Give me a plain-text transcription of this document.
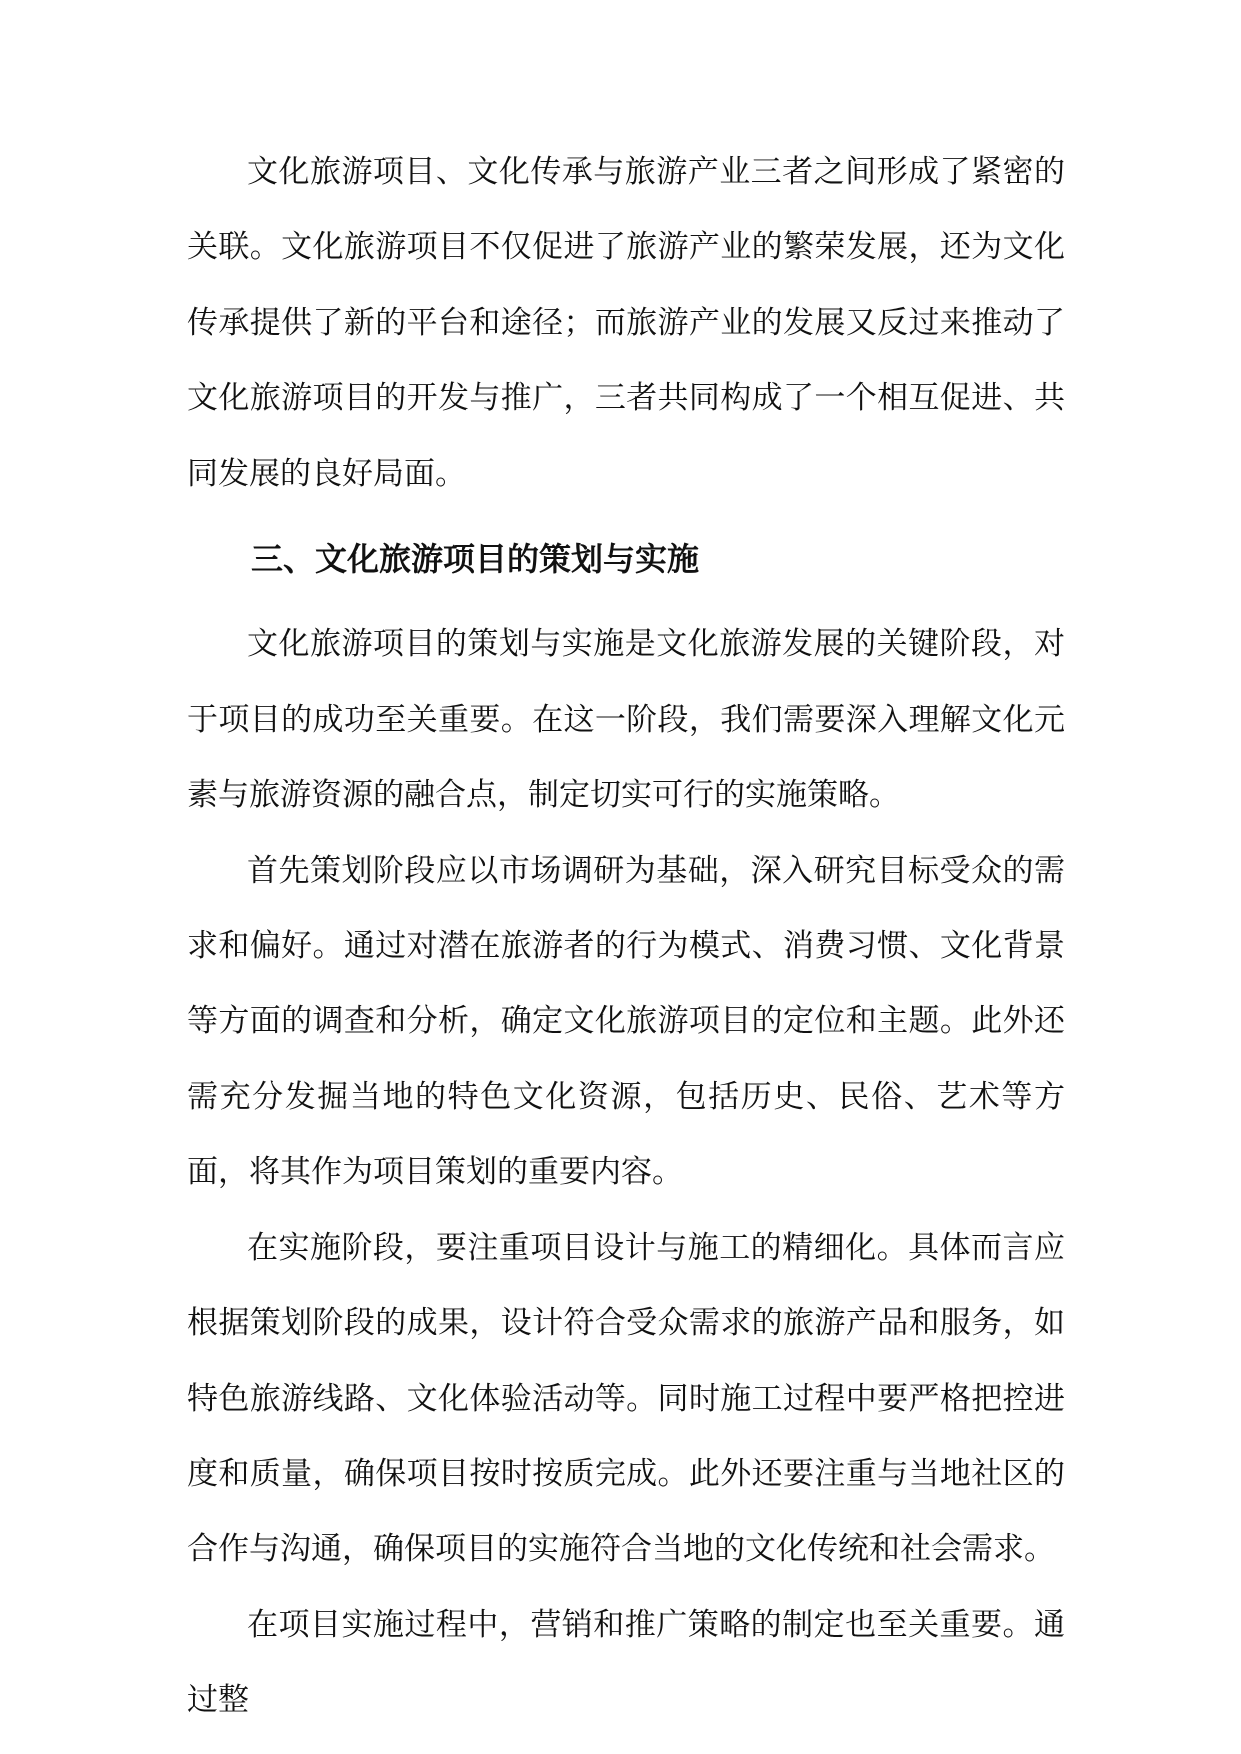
文化旅游项目、文化传承与旅游产业三者之间形成了紧密的关联。文化旅游项目不仅促进了旅游产业的繁荣发展，还为文化传承提供了新的平台和途径；而旅游产业的发展又反过来推动了文化旅游项目的开发与推广，三者共同构成了一个相互促进、共同发展的良好局面。

三、文化旅游项目的策划与实施

文化旅游项目的策划与实施是文化旅游发展的关键阶段，对于项目的成功至关重要。在这一阶段，我们需要深入理解文化元素与旅游资源的融合点，制定切实可行的实施策略。

首先策划阶段应以市场调研为基础，深入研究目标受众的需求和偏好。通过对潜在旅游者的行为模式、消费习惯、文化背景等方面的调查和分析，确定文化旅游项目的定位和主题。此外还需充分发掘当地的特色文化资源，包括历史、民俗、艺术等方面，将其作为项目策划的重要内容。

在实施阶段，要注重项目设计与施工的精细化。具体而言应根据策划阶段的成果，设计符合受众需求的旅游产品和服务，如特色旅游线路、文化体验活动等。同时施工过程中要严格把控进度和质量，确保项目按时按质完成。此外还要注重与当地社区的合作与沟通，确保项目的实施符合当地的文化传统和社会需求。

在项目实施过程中，营销和推广策略的制定也至关重要。通过整
